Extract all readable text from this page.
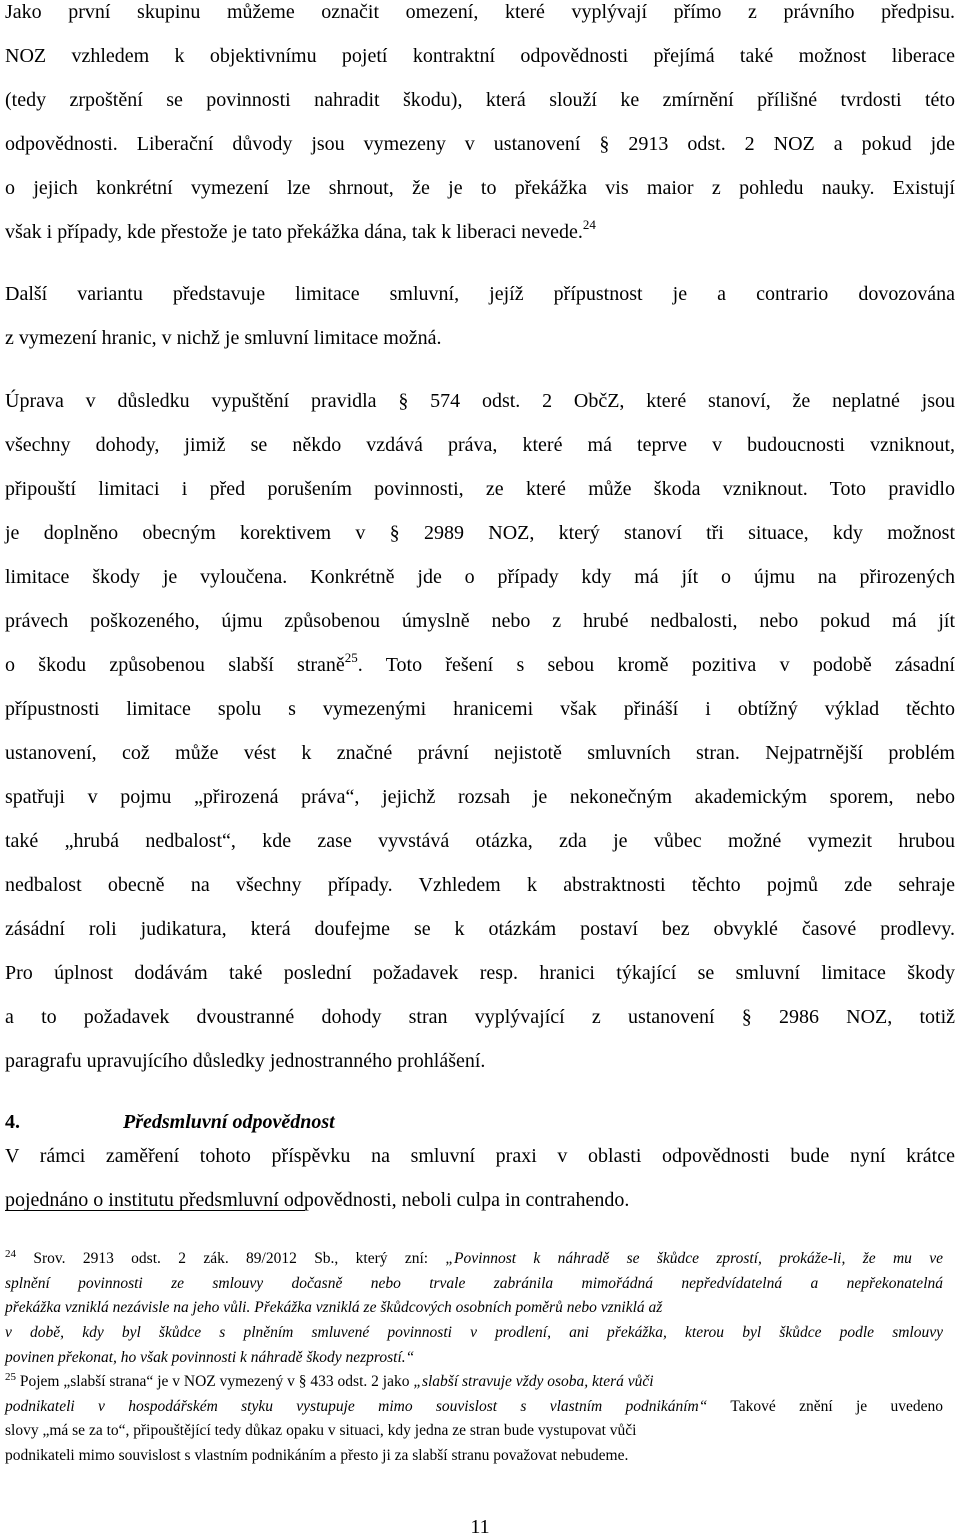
Jako první skupinu můžeme označit omezení, které vyplývají přímo z právního předpisu.
NOZ vzhledem k objektivnímu pojetí kontraktní odpovědnosti přejímá také možnost liberace
(tedy zrpoštění se povinnosti nahradit škodu), která slouží ke zmírnění přílišné tvrdosti této
odpovědnosti. Liberační důvody jsou vymezeny v ustanovení § 2913 odst. 2 NOZ a pokud jde
o jejich konkrétní vymezení lze shrnout, že je to překážka vis maior z pohledu nauky. Existují
však i případy, kde přestože je tato překážka dána, tak k liberaci nevede.$^{24}$
Další variantu představuje limitace smluvní, jejíž přípustnost je a contrario dovozována
z vymezení hranic, v nichž je smluvní limitace možná.
Úprava v důsledku vypuštění pravidla § 574 odst. 2 ObčZ, které stanoví, že neplatné jsou
všechny dohody, jimiž se někdo vzdává práva, které má teprve v budoucnosti vzniknout,
připouští limitaci i před porušením povinnosti, ze které může škoda vzniknout. Toto pravidlo
je doplněno obecným korektivem v § 2989 NOZ, který stanoví tři situace, kdy možnost
limitace škody je vyloučena. Konkrétně jde o případy kdy má jít o újmu na přirozených
právech poškozeného, újmu způsobenou úmyslně nebo z hrubé nedbalosti, nebo pokud má jít
o škodu způsobenou slabší straně$^{25}$. Toto řešení s sebou kromě pozitiva v podobě zásadní
přípustnosti limitace spolu s vymezenými hranicemi však přináší i obtížný výklad těchto
ustanovení, což může vést k značné právní nejistotě smluvních stran. Nejpatrnější problém
spatřuji v pojmu „přirozená práva“, jejichž rozsah je nekonečným akademickým sporem, nebo
také „hrubá nedbalost“, kde zase vyvstává otázka, zda je vůbec možné vymezit hrubou
nedbalost obecně na všechny případy. Vzhledem k abstraktnosti těchto pojmů zde sehraje
zásádní roli judikatura, která doufejme se k otázkám postaví bez obvyklé časové prodlevy.
Pro úplnost dodávám také poslední požadavek resp. hranici týkající se smluvní limitace škody
a to požadavek dvoustranné dohody stran vyplývající z ustanovení § 2986 NOZ, totiž
paragrafu upravujícího důsledky jednostranného prohlášení.
4.	Předsmluvní odpovědnost
V rámci zaměření tohoto příspěvku na smluvní praxi v oblasti odpovědnosti bude nyní krátce
pojednáno o institutu předsmluvní odpovědnosti, neboli culpa in contrahendo.
$^{24}$ Srov. 2913 odst. 2 zák. 89/2012 Sb., který zní: „Povinnost k náhradě se škůdce zprostí, prokáže-li, že mu ve
splnění povinnosti ze smlouvy dočasně nebo trvale zabránila mimořádná nepředvídatelná a nepřekonatelná
překážka vzniklá nezávisle na jeho vůli. Překážka vzniklá ze škůdcových osobních poměrů nebo vzniklá až
v době, kdy byl škůdce s plněním smluvené povinnosti v prodlení, ani překážka, kterou byl škůdce podle smlouvy
povinen překonat, ho však povinnosti k náhradě škody nezprostí.“
$^{25}$ Pojem „slabší strana“ je v NOZ vymezený v § 433 odst. 2 jako „slabší stravuje vždy osoba, která vůči
podnikateli v hospodářském styku vystupuje mimo souvislost s vlastním podnikáním“ Takové znění je uvedeno
slovy „má se za to“, připouštějící tedy důkaz opaku v situaci, kdy jedna ze stran bude vystupovat vůči
podnikateli mimo souvislost s vlastním podnikáním a přesto ji za slabší stranu považovat nebudeme.
11
